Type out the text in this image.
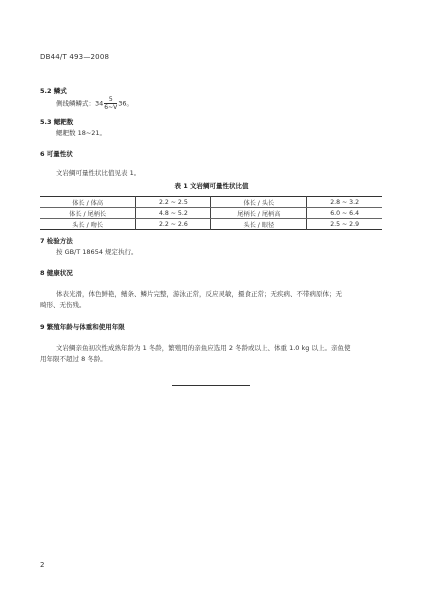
DB44/T 493—2008
5.2 鳞式
侧线鳞鳞式：$34 \frac{5}{6\sim V} 36$。
5.3 鳃耙数
鳃耙数 18~21。
6 可量性状
文岩鲷可量性状比值见表 1。
表 1 文岩鲷可量性状比值
体长 / 体高	2.2 ~ 2.5	体长 / 头长	2.8 ~ 3.2
体长 / 尾柄长	4.8 ~ 5.2	尾柄长 / 尾柄高	6.0 ~ 6.4
头长 / 吻长	2.2 ~ 2.6	头长 / 眼径	2.5 ~ 2.9
7 检验方法
按 GB/T 18654 规定执行。
8 健康状况
体表光滑，体色鲜艳，鳍条、鳞片完整，游泳正常，反应灵敏，摄食正常；无疾病、不带病原体；无
畸形、无伤残。
9 繁殖年龄与体重和使用年限
文岩鲷亲鱼初次性成熟年龄为 1 冬龄，繁殖用的亲鱼应选用 2 冬龄或以上、体重 1.0 kg 以上。亲鱼使
用年限不超过 8 冬龄。
2
